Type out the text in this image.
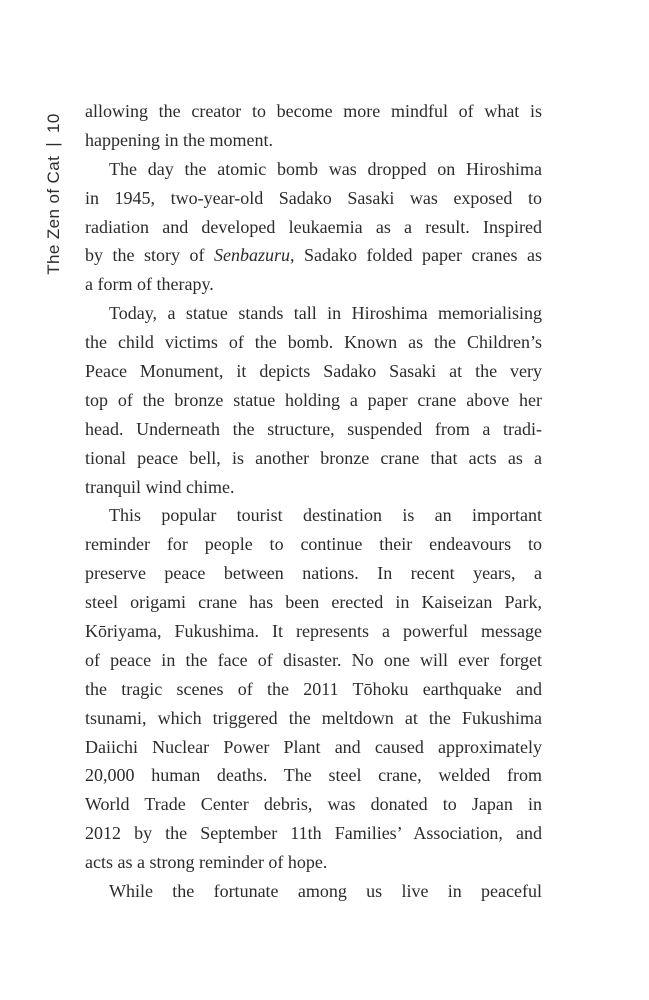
The Zen of Cat
|
10
allowing the creator to become more mindful of what is
happening in the moment.
The day the atomic bomb was dropped on Hiroshima
in 1945, two-year-old Sadako Sasaki was exposed to
radiation and developed leukaemia as a result. Inspired
by the story of Senbazuru, Sadako folded paper cranes as
a form of therapy.
Today, a statue stands tall in Hiroshima memorialising
the child victims of the bomb. Known as the Children’s
Peace Monument, it depicts Sadako Sasaki at the very
top of the bronze statue holding a paper crane above her
head. Underneath the structure, suspended from a tradi-
tional peace bell, is another bronze crane that acts as a
tranquil wind chime.
This popular tourist destination is an important
reminder for people to continue their endeavours to
preserve peace between nations. In recent years, a
steel origami crane has been erected in Kaiseizan Park,
Kōriyama, Fukushima. It represents a powerful message
of peace in the face of disaster. No one will ever forget
the tragic scenes of the 2011 Tōhoku earthquake and
tsunami, which triggered the meltdown at the Fukushima
Daiichi Nuclear Power Plant and caused approximately
20,000 human deaths. The steel crane, welded from
World Trade Center debris, was donated to Japan in
2012 by the September 11th Families’ Association, and
acts as a strong reminder of hope.
While the fortunate among us live in peaceful
